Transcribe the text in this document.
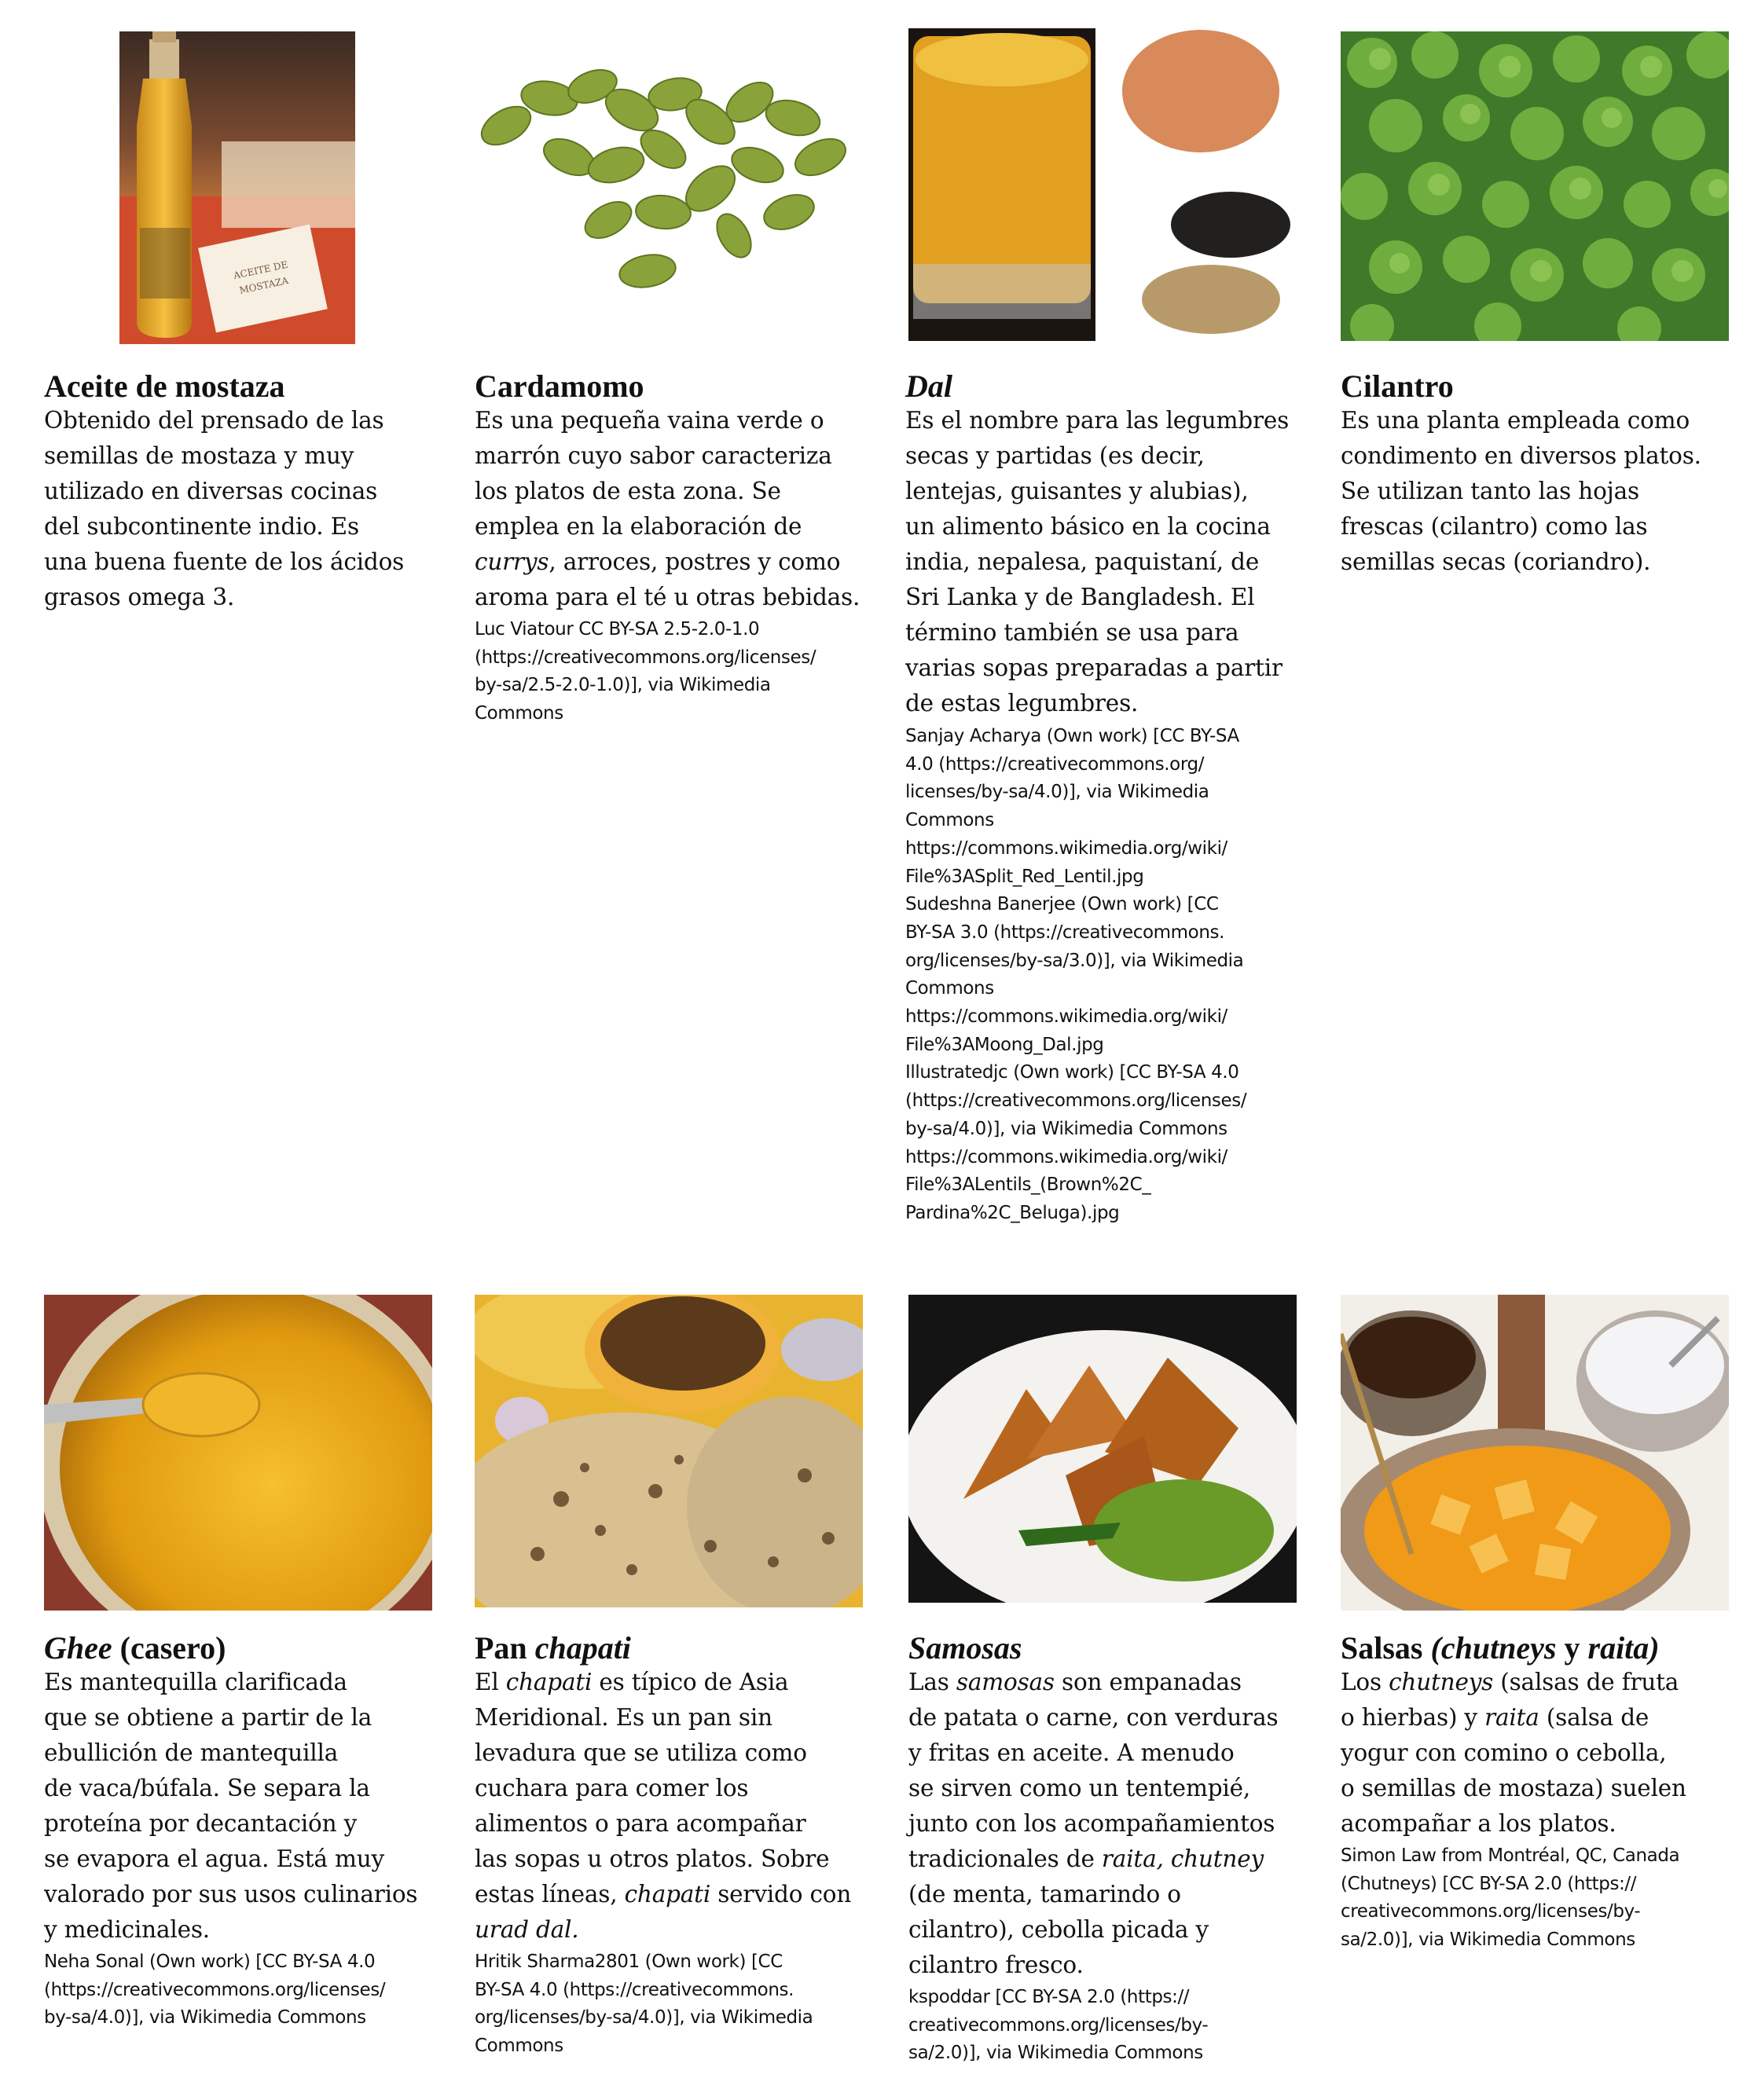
ACEITE DE
MOSTAZA
Aceite de mostaza
Obtenido del prensado de las
semillas de mostaza y muy
utilizado en diversas cocinas
del subcontinente indio. Es
una buena fuente de los ácidos
grasos omega 3.
Cardamomo
Es una pequeña vaina verde o
marrón cuyo sabor caracteriza
los platos de esta zona. Se
emplea en la elaboración de
currys, arroces, postres y como
aroma para el té u otras bebidas.
Luc Viatour CC BY-SA 2.5-2.0-1.0
(https://creativecommons.org/licenses/
by-sa/2.5-2.0-1.0)], via Wikimedia
Commons
Dal
Es el nombre para las legumbres
secas y partidas (es decir,
lentejas, guisantes y alubias),
un alimento básico en la cocina
india, nepalesa, paquistaní, de
Sri Lanka y de Bangladesh. El
término también se usa para
varias sopas preparadas a partir
de estas legumbres.
Sanjay Acharya (Own work) [CC BY-SA
4.0 (https://creativecommons.org/
licenses/by-sa/4.0)], via Wikimedia
Commons
https://commons.wikimedia.org/wiki/
File%3ASplit_Red_Lentil.jpg
Sudeshna Banerjee (Own work) [CC
BY-SA 3.0 (https://creativecommons.
org/licenses/by-sa/3.0)], via Wikimedia
Commons
https://commons.wikimedia.org/wiki/
File%3AMoong_Dal.jpg
Illustratedjc (Own work) [CC BY-SA 4.0
(https://creativecommons.org/licenses/
by-sa/4.0)], via Wikimedia Commons
https://commons.wikimedia.org/wiki/
File%3ALentils_(Brown%2C_
Pardina%2C_Beluga).jpg
Cilantro
Es una planta empleada como
condimento en diversos platos.
Se utilizan tanto las hojas
frescas (cilantro) como las
semillas secas (coriandro).
Ghee (casero)
Es mantequilla clarificada
que se obtiene a partir de la
ebullición de mantequilla
de vaca/búfala. Se separa la
proteína por decantación y
se evapora el agua. Está muy
valorado por sus usos culinarios
y medicinales.
Neha Sonal (Own work) [CC BY-SA 4.0
(https://creativecommons.org/licenses/
by-sa/4.0)], via Wikimedia Commons
Pan chapati
El chapati es típico de Asia
Meridional. Es un pan sin
levadura que se utiliza como
cuchara para comer los
alimentos o para acompañar
las sopas u otros platos. Sobre
estas líneas, chapati servido con
urad dal.
Hritik Sharma2801 (Own work) [CC
BY-SA 4.0 (https://creativecommons.
org/licenses/by-sa/4.0)], via Wikimedia
Commons
Samosas
Las samosas son empanadas
de patata o carne, con verduras
y fritas en aceite. A menudo
se sirven como un tentempié,
junto con los acompañamientos
tradicionales de raita, chutney
(de menta, tamarindo o
cilantro), cebolla picada y
cilantro fresco.
kspoddar [CC BY-SA 2.0 (https://
creativecommons.org/licenses/by-
sa/2.0)], via Wikimedia Commons
Salsas (chutneys y raita)
Los chutneys (salsas de fruta
o hierbas) y raita (salsa de
yogur con comino o cebolla,
o semillas de mostaza) suelen
acompañar a los platos.
Simon Law from Montréal, QC, Canada
(Chutneys) [CC BY-SA 2.0 (https://
creativecommons.org/licenses/by-
sa/2.0)], via Wikimedia Commons
